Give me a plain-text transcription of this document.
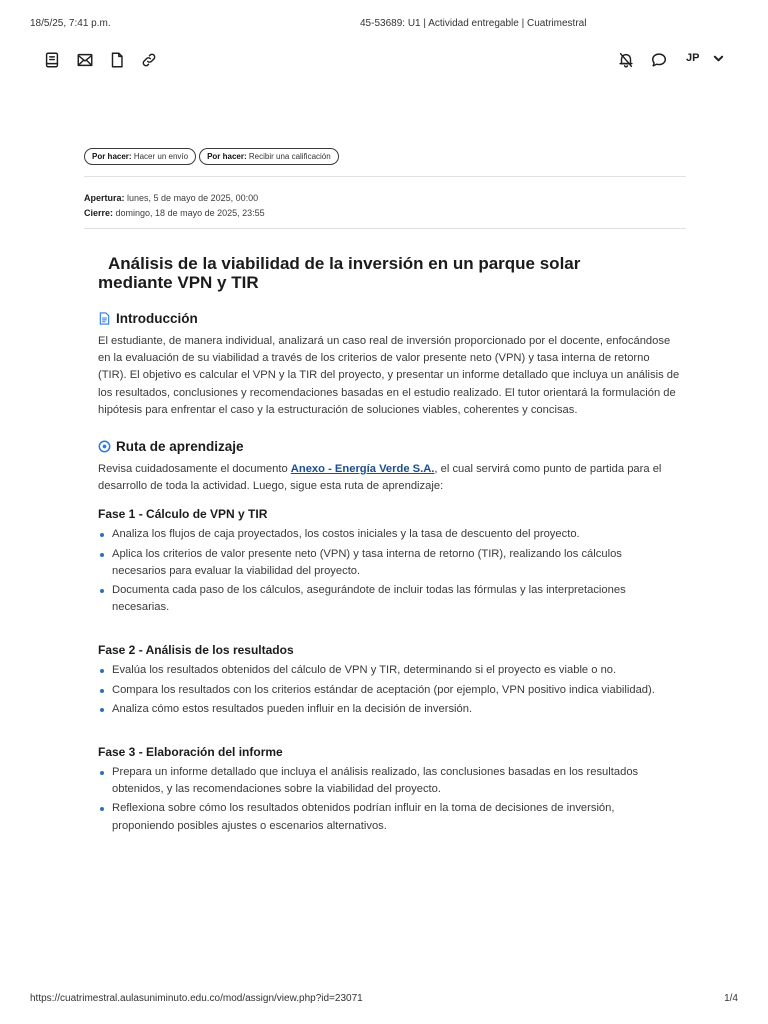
18/5/25, 7:41 p.m.	45-53689: U1 | Actividad entregable | Cuatrimestral
JP
Por hacer: Hacer un envío	Por hacer: Recibir una calificación
Apertura: lunes, 5 de mayo de 2025, 00:00
Cierre: domingo, 18 de mayo de 2025, 23:55
Análisis de la viabilidad de la inversión en un parque solar mediante VPN y TIR
Introducción
El estudiante, de manera individual, analizará un caso real de inversión proporcionado por el docente, enfocándose en la evaluación de su viabilidad a través de los criterios de valor presente neto (VPN) y tasa interna de retorno (TIR). El objetivo es calcular el VPN y la TIR del proyecto, y presentar un informe detallado que incluya un análisis de los resultados, conclusiones y recomendaciones basadas en el estudio realizado. El tutor orientará la formulación de hipótesis para enfrentar el caso y la estructuración de soluciones viables, coherentes y concisas.
Ruta de aprendizaje
Revisa cuidadosamente el documento Anexo - Energía Verde S.A., el cual servirá como punto de partida para el desarrollo de toda la actividad. Luego, sigue esta ruta de aprendizaje:
Fase 1 - Cálculo de VPN y TIR
Analiza los flujos de caja proyectados, los costos iniciales y la tasa de descuento del proyecto.
Aplica los criterios de valor presente neto (VPN) y tasa interna de retorno (TIR), realizando los cálculos necesarios para evaluar la viabilidad del proyecto.
Documenta cada paso de los cálculos, asegurándote de incluir todas las fórmulas y las interpretaciones necesarias.
Fase 2 - Análisis de los resultados
Evalúa los resultados obtenidos del cálculo de VPN y TIR, determinando si el proyecto es viable o no.
Compara los resultados con los criterios estándar de aceptación (por ejemplo, VPN positivo indica viabilidad).
Analiza cómo estos resultados pueden influir en la decisión de inversión.
Fase 3 - Elaboración del informe
Prepara un informe detallado que incluya el análisis realizado, las conclusiones basadas en los resultados obtenidos, y las recomendaciones sobre la viabilidad del proyecto.
Reflexiona sobre cómo los resultados obtenidos podrían influir en la toma de decisiones de inversión, proponiendo posibles ajustes o escenarios alternativos.
https://cuatrimestral.aulasuniminuto.edu.co/mod/assign/view.php?id=23071	1/4
